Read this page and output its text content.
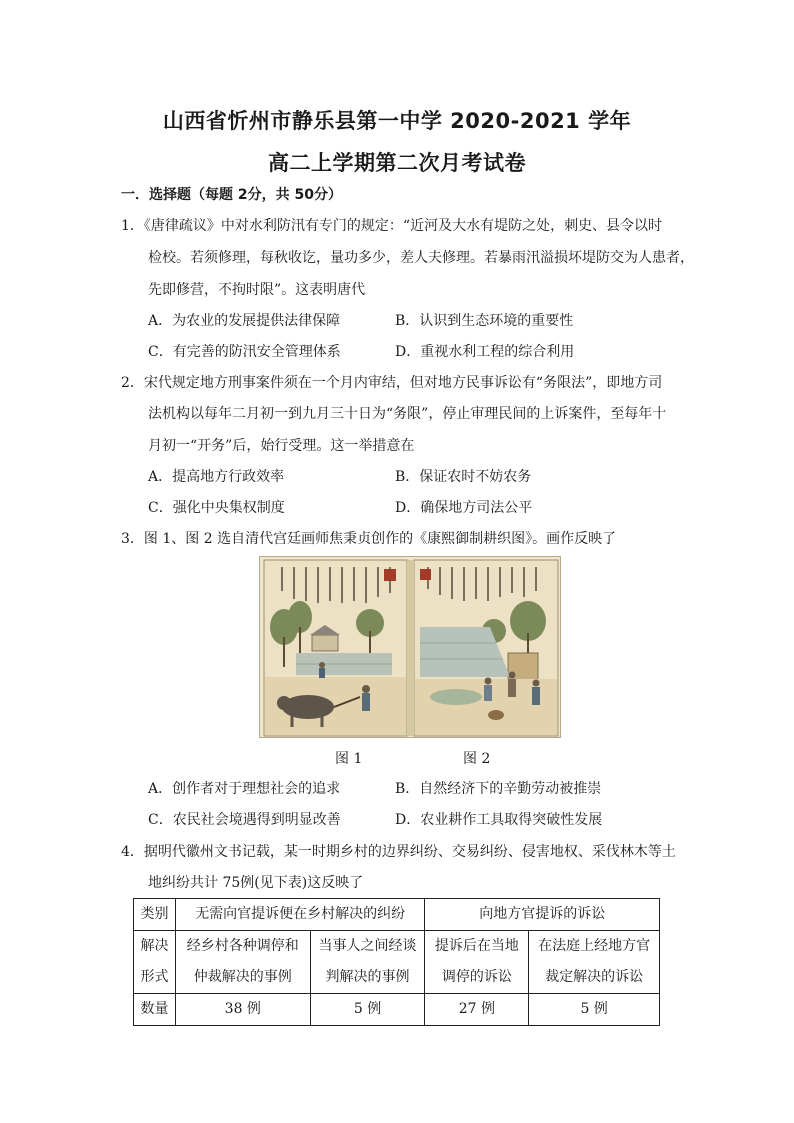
山西省忻州市静乐县第一中学 2020-2021 学年
高二上学期第二次月考试卷
一．选择题（每题 2分，共 50分）
1．《唐律疏议》中对水利防汛有专门的规定：“近河及大水有堤防之处，刺史、县令以时
检校。若须修理，每秋收讫，量功多少，差人夫修理。若暴雨汛溢损坏堤防交为人患者，
先即修营，不拘时限”。这表明唐代
A．为农业的发展提供法律保障	B．认识到生态环境的重要性
C．有完善的防汛安全管理体系	D．重视水利工程的综合利用
2．宋代规定地方刑事案件须在一个月内审结，但对地方民事诉讼有“务限法”，即地方司
法机构以每年二月初一到九月三十日为“务限”，停止审理民间的上诉案件，至每年十
月初一“开务”后，始行受理。这一举措意在
A．提高地方行政效率	B．保证农时不妨农务
C．强化中央集权制度	D．确保地方司法公平
3．图 1、图 2 选自清代宫廷画师焦秉贞创作的《康熙御制耕织图》。画作反映了
图 1	图 2
A．创作者对于理想社会的追求	B．自然经济下的辛勤劳动被推崇
C．农民社会境遇得到明显改善	D．农业耕作工具取得突破性发展
4．据明代徽州文书记载，某一时期乡村的边界纠纷、交易纠纷、侵害地权、采伐林木等土
地纠纷共计 75例(见下表)这反映了
类别	无需向官提诉便在乡村解决的纠纷		向地方官提诉的诉讼	
解决	经乡村各种调停和	当事人之间经谈	提诉后在当地	在法庭上经地方官
形式	仲裁解决的事例	判解决的事例	调停的诉讼	裁定解决的诉讼
数量	38 例	5 例	27 例	5 例
